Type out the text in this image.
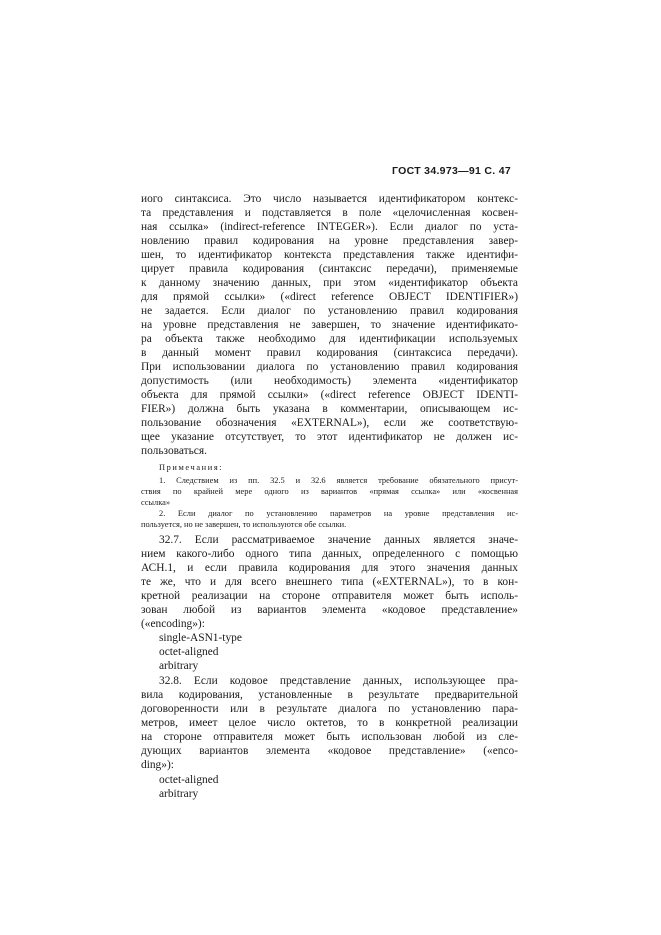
ГОСТ 34.973—91 С. 47
иого синтаксиса. Это число называется идентификатором контекс-
та представления и подставляется в поле «целочисленная косвен-
ная ссылка» (indirect-reference INTEGER»). Если диалог по уста-
новлению правил кодирования на уровне представления завер-
шен, то идентификатор контекста представления также идентифи-
цирует правила кодирования (синтаксис передачи), применяемые
к данному значению данных, при этом «идентификатор объекта
для прямой ссылки» («direct reference OBJECT IDENTIFIER»)
не задается. Если диалог по установлению правил кодирования
на уровне представления не завершен, то значение идентификато-
ра объекта также необходимо для идентификации используемых
в данный момент правил кодирования (синтаксиса передачи).
При использовании диалога по установлению правил кодирования
допустимость (или необходимость) элемента «идентификатор
объекта для прямой ссылки» («direct reference OBJECT IDENTI-
FIER») должна быть указана в комментарии, описывающем ис-
пользование обозначения «EXTERNAL»), если же соответствую-
щее указание отсутствует, то этот идентификатор не должен ис-
пользоваться.
Примечания:
1. Следствием из пп. 32.5 и 32.6 является требование обязательного присут-
ствия по крайней мере одного из вариантов «прямая ссылка» или «косвенная
ссылка»
2. Если диалог по установлению параметров на уровне представления ис-
пользуется, но не завершен, то используются обе ссылки.
32.7. Если рассматриваемое значение данных является значе-
нием какого-либо одного типа данных, определенного с помощью
АСН.1, и если правила кодирования для этого значения данных
те же, что и для всего внешнего типа («EXTERNAL»), то в кон-
кретной реализации на стороне отправителя может быть исполь-
зован любой из вариантов элемента «кодовое представление»
(«encoding»):
single-ASN1-type
octet-aligned
arbitrary
32.8. Если кодовое представление данных, использующее пра-
вила кодирования, установленные в результате предварительной
договоренности или в результате диалога по установлению пара-
метров, имеет целое число октетов, то в конкретной реализации
на стороне отправителя может быть использован любой из сле-
дующих вариантов элемента «кодовое представление» («enco-
ding»):
octet-aligned
arbitrary
